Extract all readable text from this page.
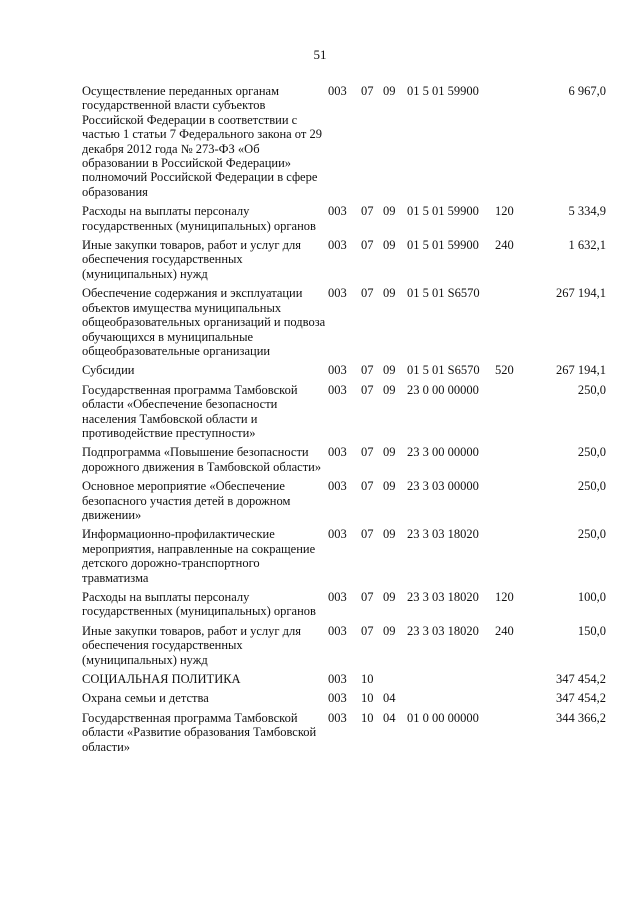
51
Осуществление переданных органам государственной власти субъектов Российской Федерации в соответствии с частью 1 статьи 7 Федерального закона от 29 декабря 2012 года № 273-ФЗ «Об образовании в Российской Федерации» полномочий Российской Федерации в сфере образования	003	07	09	01 5 01 59900		6 967,0
Расходы на выплаты персоналу государственных (муниципальных) органов	003	07	09	01 5 01 59900	120	5 334,9
Иные закупки товаров, работ и услуг для обеспечения государственных (муниципальных) нужд	003	07	09	01 5 01 59900	240	1 632,1
Обеспечение содержания и эксплуатации объектов имущества муниципальных общеобразовательных организаций и подвоза обучающихся в муниципальные общеобразовательные организации	003	07	09	01 5 01 S6570		267 194,1
Субсидии	003	07	09	01 5 01 S6570	520	267 194,1
Государственная программа Тамбовской области «Обеспечение безопасности населения Тамбовской области и противодействие преступности»	003	07	09	23 0 00 00000		250,0
Подпрограмма «Повышение безопасности дорожного движения в Тамбовской области»	003	07	09	23 3 00 00000		250,0
Основное мероприятие «Обеспечение безопасного участия детей в дорожном движении»	003	07	09	23 3 03 00000		250,0
Информационно-профилактические мероприятия, направленные на сокращение детского дорожно-транспортного травматизма	003	07	09	23 3 03 18020		250,0
Расходы на выплаты персоналу государственных (муниципальных) органов	003	07	09	23 3 03 18020	120	100,0
Иные закупки товаров, работ и услуг для обеспечения государственных (муниципальных) нужд	003	07	09	23 3 03 18020	240	150,0
СОЦИАЛЬНАЯ ПОЛИТИКА	003	10				347 454,2
Охрана семьи и детства	003	10	04			347 454,2
Государственная программа Тамбовской области «Развитие образования Тамбовской области»	003	10	04	01 0 00 00000		344 366,2
